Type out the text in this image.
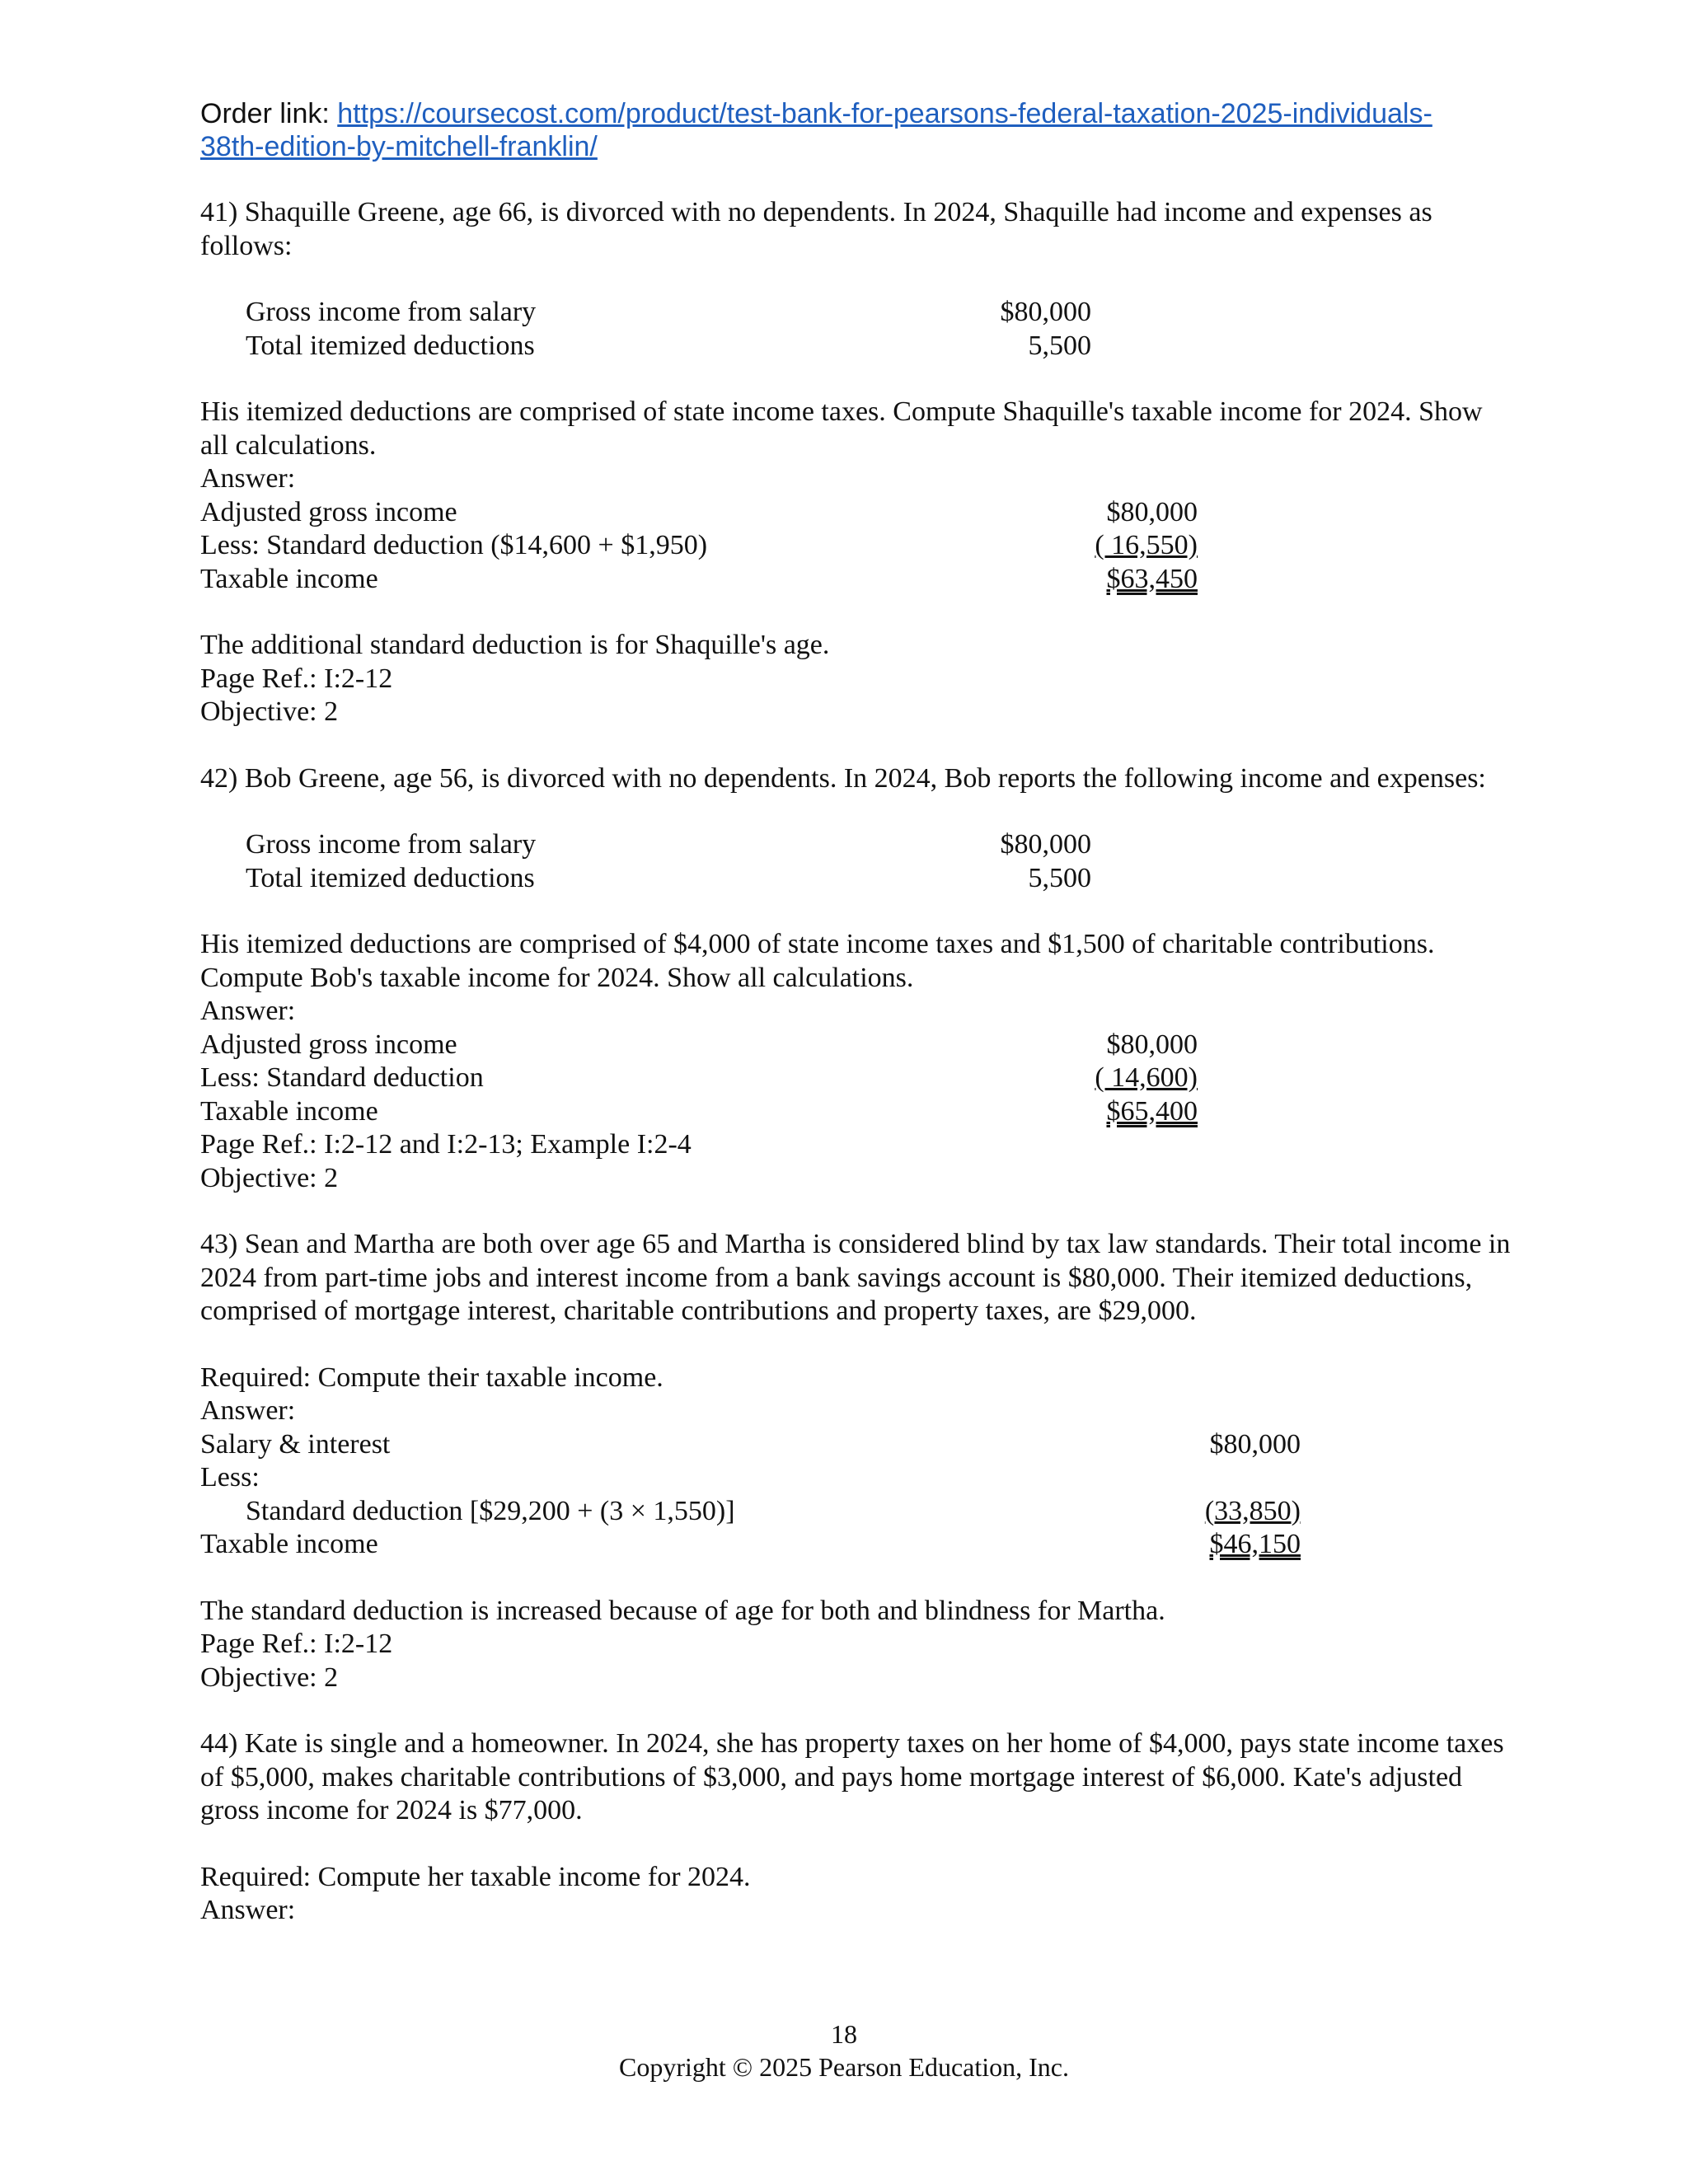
Order link: https://coursecost.com/product/test-bank-for-pearsons-federal-taxation-2025-individuals-
38th-edition-by-mitchell-franklin/

41) Shaquille Greene, age 66, is divorced with no dependents. In 2024, Shaquille had income and expenses as follows:

Gross income from salary	$80,000
Total itemized deductions	5,500

His itemized deductions are comprised of state income taxes. Compute Shaquille's taxable income for 2024. Show all calculations.

Answer:

Adjusted gross income	$80,000
Less: Standard deduction ($14,600 + $1,950)	( 16,550)
Taxable income	$63,450

The additional standard deduction is for Shaquille's age.

Page Ref.: I:2-12

Objective: 2

42) Bob Greene, age 56, is divorced with no dependents. In 2024, Bob reports the following income and expenses:

Gross income from salary	$80,000
Total itemized deductions	5,500

His itemized deductions are comprised of $4,000 of state income taxes and $1,500 of charitable contributions. Compute Bob's taxable income for 2024. Show all calculations.

Answer:

Adjusted gross income	$80,000
Less: Standard deduction	( 14,600)
Taxable income	$65,400

Page Ref.: I:2-12 and I:2-13; Example I:2-4

Objective: 2

43) Sean and Martha are both over age 65 and Martha is considered blind by tax law standards. Their total income in 2024 from part-time jobs and interest income from a bank savings account is $80,000. Their itemized deductions, comprised of mortgage interest, charitable contributions and property taxes, are $29,000.

Required: Compute their taxable income.

Answer:

Salary & interest	$80,000
Less:
Standard deduction [$29,200 + (3 × 1,550)]	(33,850)
Taxable income	$46,150

The standard deduction is increased because of age for both and blindness for Martha.

Page Ref.: I:2-12

Objective: 2

44) Kate is single and a homeowner. In 2024, she has property taxes on her home of $4,000, pays state income taxes of $5,000, makes charitable contributions of $3,000, and pays home mortgage interest of $6,000. Kate's adjusted gross income for 2024 is $77,000.

Required: Compute her taxable income for 2024.

Answer:

18
Copyright © 2025 Pearson Education, Inc.
